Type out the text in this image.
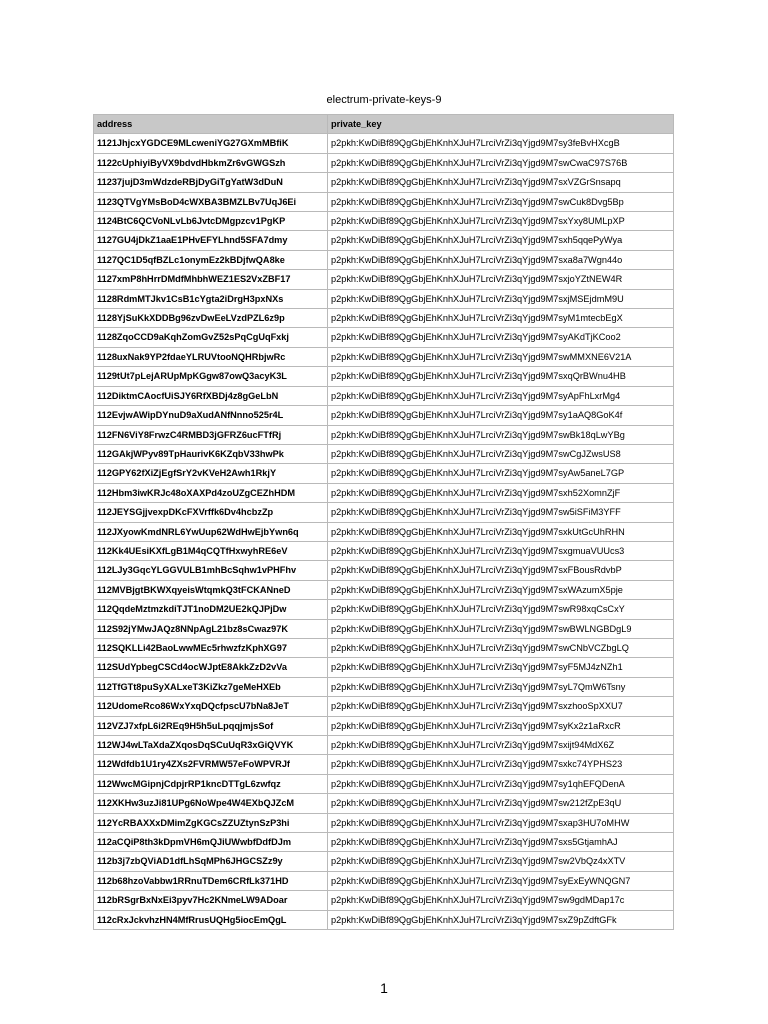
electrum-private-keys-9
address	private_key
1121JhjcxYGDCE9MLcweniYG27GXmMBfiK	p2pkh:KwDiBf89QgGbjEhKnhXJuH7LrciVrZi3qYjgd9M7sy3feBvHXcgB
1122cUphiyiByVX9bdvdHbkmZr6vGWGSzh	p2pkh:KwDiBf89QgGbjEhKnhXJuH7LrciVrZi3qYjgd9M7swCwaC97S76B
11237jujD3mWdzdeRBjDyGiTgYatW3dDuN	p2pkh:KwDiBf89QgGbjEhKnhXJuH7LrciVrZi3qYjgd9M7sxVZGrSnsapq
1123QTVgYMsBoD4cWXBA3BMZLBv7UqJ6Ei	p2pkh:KwDiBf89QgGbjEhKnhXJuH7LrciVrZi3qYjgd9M7swCuk8Dvg5Bp
1124BtC6QCVoNLvLb6JvtcDMgpzcv1PgKP	p2pkh:KwDiBf89QgGbjEhKnhXJuH7LrciVrZi3qYjgd9M7sxYxy8UMLpXP
1127GU4jDkZ1aaE1PHvEFYLhnd5SFA7dmy	p2pkh:KwDiBf89QgGbjEhKnhXJuH7LrciVrZi3qYjgd9M7sxh5qqePyWya
1127QC1D5qfBZLc1onymEz2kBDjfwQA8ke	p2pkh:KwDiBf89QgGbjEhKnhXJuH7LrciVrZi3qYjgd9M7sxa8a7Wgn44o
1127xmP8hHrrDMdfMhbhWEZ1ES2VxZBF17	p2pkh:KwDiBf89QgGbjEhKnhXJuH7LrciVrZi3qYjgd9M7sxjoYZtNEW4R
1128RdmMTJkv1CsB1cYgta2iDrgH3pxNXs	p2pkh:KwDiBf89QgGbjEhKnhXJuH7LrciVrZi3qYjgd9M7sxjMSEjdmM9U
1128YjSuKkXDDBg96zvDwEeLVzdPZL6z9p	p2pkh:KwDiBf89QgGbjEhKnhXJuH7LrciVrZi3qYjgd9M7syM1mtecbEgX
1128ZqoCCD9aKqhZomGvZ52sPqCgUqFxkj	p2pkh:KwDiBf89QgGbjEhKnhXJuH7LrciVrZi3qYjgd9M7syAKdTjKCoo2
1128uxNak9YP2fdaeYLRUVtooNQHRbjwRc	p2pkh:KwDiBf89QgGbjEhKnhXJuH7LrciVrZi3qYjgd9M7swMMXNE6V21A
1129tUt7pLejARUpMpKGgw87owQ3acyK3L	p2pkh:KwDiBf89QgGbjEhKnhXJuH7LrciVrZi3qYjgd9M7sxqQrBWnu4HB
112DiktmCAocfUiSJY6RfXBDj4z8gGeLbN	p2pkh:KwDiBf89QgGbjEhKnhXJuH7LrciVrZi3qYjgd9M7syApFhLxrMg4
112EvjwAWipDYnuD9aXudANfNnno525r4L	p2pkh:KwDiBf89QgGbjEhKnhXJuH7LrciVrZi3qYjgd9M7sy1aAQ8GoK4f
112FN6ViY8FrwzC4RMBD3jGFRZ6ucFTfRj	p2pkh:KwDiBf89QgGbjEhKnhXJuH7LrciVrZi3qYjgd9M7swBk18qLwYBg
112GAkjWPyv89TpHaurivK6KZqbV33hwPk	p2pkh:KwDiBf89QgGbjEhKnhXJuH7LrciVrZi3qYjgd9M7swCgJZwsUS8
112GPY62fXiZjEgfSrY2vKVeH2Awh1RkjY	p2pkh:KwDiBf89QgGbjEhKnhXJuH7LrciVrZi3qYjgd9M7syAw5aneL7GP
112Hbm3iwKRJc48oXAXPd4zoUZgCEZhHDM	p2pkh:KwDiBf89QgGbjEhKnhXJuH7LrciVrZi3qYjgd9M7sxh52XomnZjF
112JEYSGjjvexpDKcFXVrffk6Dv4hcbzZp	p2pkh:KwDiBf89QgGbjEhKnhXJuH7LrciVrZi3qYjgd9M7sw5iSFiM3YFF
112JXyowKmdNRL6YwUup62WdHwEjbYwn6q	p2pkh:KwDiBf89QgGbjEhKnhXJuH7LrciVrZi3qYjgd9M7sxkUtGcUhRHN
112Kk4UEsiKXfLgB1M4qCQTfHxwyhRE6eV	p2pkh:KwDiBf89QgGbjEhKnhXJuH7LrciVrZi3qYjgd9M7sxgmuaVUUcs3
112LJy3GqcYLGGVULB1mhBcSqhw1vPHFhv	p2pkh:KwDiBf89QgGbjEhKnhXJuH7LrciVrZi3qYjgd9M7sxFBousRdvbP
112MVBjgtBKWXqyeisWtqmkQ3tFCKANneD	p2pkh:KwDiBf89QgGbjEhKnhXJuH7LrciVrZi3qYjgd9M7sxWAzumX5pje
112QqdeMztmzkdiTJT1noDM2UE2kQJPjDw	p2pkh:KwDiBf89QgGbjEhKnhXJuH7LrciVrZi3qYjgd9M7swR98xqCsCxY
112S92jYMwJAQz8NNpAgL21bz8sCwaz97K	p2pkh:KwDiBf89QgGbjEhKnhXJuH7LrciVrZi3qYjgd9M7swBWLNGBDgL9
112SQKLLi42BaoLwwMEc5rhwzfzKphXG97	p2pkh:KwDiBf89QgGbjEhKnhXJuH7LrciVrZi3qYjgd9M7swCNbVCZbgLQ
112SUdYpbegCSCd4ocWJptE8AkkZzD2vVa	p2pkh:KwDiBf89QgGbjEhKnhXJuH7LrciVrZi3qYjgd9M7syF5MJ4zNZh1
112TfGTt8puSyXALxeT3KiZkz7geMeHXEb	p2pkh:KwDiBf89QgGbjEhKnhXJuH7LrciVrZi3qYjgd9M7syL7QmW6Tsny
112UdomeRco86WxYxqDQcfpscU7bNa8JeT	p2pkh:KwDiBf89QgGbjEhKnhXJuH7LrciVrZi3qYjgd9M7sxzhooSpXXU7
112VZJ7xfpL6i2REq9H5h5uLpqqjmjsSof	p2pkh:KwDiBf89QgGbjEhKnhXJuH7LrciVrZi3qYjgd9M7syKx2z1aRxcR
112WJ4wLTaXdaZXqosDqSCuUqR3xGiQVYK	p2pkh:KwDiBf89QgGbjEhKnhXJuH7LrciVrZi3qYjgd9M7sxijt94MdX6Z
112Wdfdb1U1ry4ZXs2FVRMW57eFoWPVRJf	p2pkh:KwDiBf89QgGbjEhKnhXJuH7LrciVrZi3qYjgd9M7sxkc74YPHS23
112WwcMGipnjCdpjrRP1kncDTTgL6zwfqz	p2pkh:KwDiBf89QgGbjEhKnhXJuH7LrciVrZi3qYjgd9M7sy1qhEFQDenA
112XKHw3uzJi81UPg6NoWpe4W4EXbQJZcM	p2pkh:KwDiBf89QgGbjEhKnhXJuH7LrciVrZi3qYjgd9M7sw212fZpE3qU
112YcRBAXXxDMimZgKGCsZZUZtynSzP3hi	p2pkh:KwDiBf89QgGbjEhKnhXJuH7LrciVrZi3qYjgd9M7sxap3HU7oMHW
112aCQiP8th3kDpmVH6mQJiUWwbfDdfDJm	p2pkh:KwDiBf89QgGbjEhKnhXJuH7LrciVrZi3qYjgd9M7sxs5GtjamhAJ
112b3j7zbQViAD1dfLhSqMPh6JHGCSZz9y	p2pkh:KwDiBf89QgGbjEhKnhXJuH7LrciVrZi3qYjgd9M7sw2VbQz4xXTV
112b68hzoVabbw1RRnuTDem6CRfLk371HD	p2pkh:KwDiBf89QgGbjEhKnhXJuH7LrciVrZi3qYjgd9M7syExEyWNQGN7
112bRSgrBxNxEi3pyv7Hc2KNmeLW9ADoar	p2pkh:KwDiBf89QgGbjEhKnhXJuH7LrciVrZi3qYjgd9M7sw9gdMDap17c
112cRxJckvhzHN4MfRrusUQHg5iocEmQgL	p2pkh:KwDiBf89QgGbjEhKnhXJuH7LrciVrZi3qYjgd9M7sxZ9pZdftGFk
1
